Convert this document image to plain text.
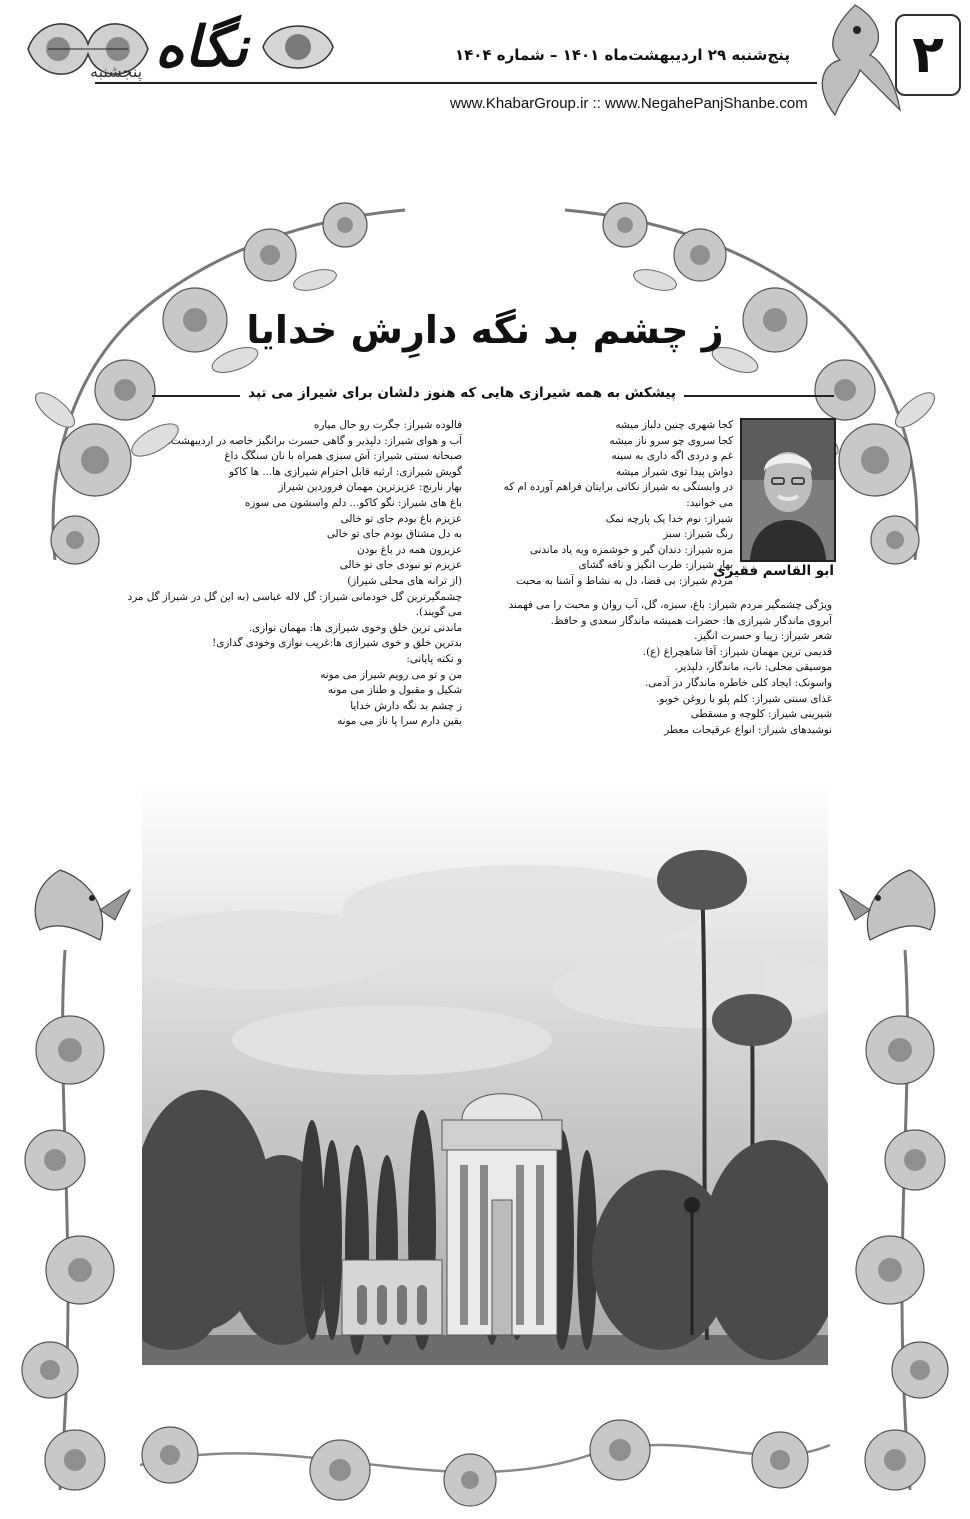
نگاه
پنجشنبه
پنج‌شنبه ۲۹ اردیبهشت‌ماه ۱۴۰۱ – شماره ۱۴۰۴
www.KhabarGroup.ir :: www.NegahePanjShanbe.com
۲
ز چشم بد نگه دارِش خدایا
پیشکش به همه شیرازی هایی که هنوز دلشان برای شیراز می تپد
ابو القاسم فقیری
کجا شهری چنین دلباز میشه
کجا سروی چو سرو ناز میشه
غم و دردی اگه داری به سینه
دواش پیدا توی شیراز میشه
در وابستگی به شیراز نکاتی برایتان فراهم آورده ام که
می خوانید:
شیراز: نوم خدا یک پارچه نمک
رنگ شیراز: سبز
مزه شیراز: دندان گیر و خوشمزه ویه یاد ماندنی
بهار شیراز: طرب انگیز و نافه گشای
مردم شیراز: بی قضا، دل به نشاط و آشنا به محبت
ویژگی چشمگیر مردم شیراز: باغ، سبزه، گل، آب روان و محبت را می فهمند
آبروی ماندگار شیرازی ها: حضرات همیشه ماندگار سعدی و حافظ.
شعر شیراز: زیبا و حسرت انگیز.
قدیمی ترین مهمان شیراز: آقا شاهچراغ (ع).
موسیقی محلی: ناب، ماندگار، دلپذیر.
واسونک: ایجاد کلی خاطره ماندگار در آدمی.
غذای سنتی شیراز: کلم پلو با روغن خوبو.
شیرینی شیراز: کلوچه و مسقطی
نوشیدهای شیراز: انواع عرقیجات معطر
فالوده شیراز: جگرت رو حال میاره
آب و هوای شیراز: دلپذیر و گاهی حسرت برانگیز خاصه در اردیبهشت.
صبحانه سنتی شیراز: آش سبزی همراه با نان سنگگ داغ
گویش شیرازی: ارثیه قابل احترام شیرازی ها... ها کاکو
بهار نارنج: عزیزترین مهمان فروردین شیراز
باغ های شیراز: نگو کاکو... دلم واسشون می سوزه
عزیزم باغ بودم جای تو خالی
به دل مشتاق بودم جای تو خالی
عزیزون همه در باغ بودن
عزیزم تو نبودی جای تو خالی
(از ترانه های محلی شیراز)
چشمگیرترین گل خودمانی شیراز: گل لاله عباسی (به این گل در شیراز گل مرد
می گویند).
ماندنی ترین خلق وخوی شیرازی ها: مهمان نوازی.
بدترین خلق و خوی شیرازی ها:غریب نوازی وخودی گدازی!
و نکته پایانی:
من و تو می رویم شیراز می مونه
شکیل و مقبول و طناز می مونه
ز چشم بد نگه دارش خدایا
یقین دارم سرا پا ناز می مونه
